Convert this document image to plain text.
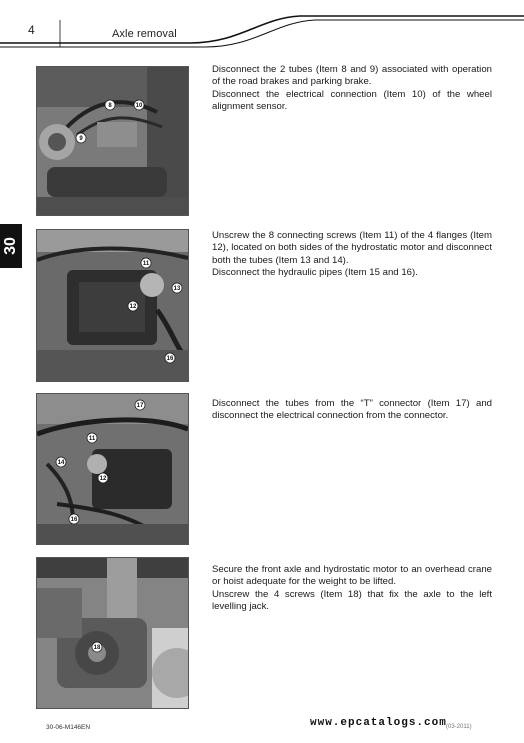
4	Axle removal
30
8	10
9

Disconnect the 2 tubes (Item 8 and 9) associated with operation of the road brakes and parking brake.

Disconnect the electrical connection (Item 10) of the wheel alignment sensor.

11
13
12
16

Unscrew the 8 connecting screws (Item 11) of the 4 flanges (Item 12), located on both sides of the hydrostatic motor and disconnect both the tubes (Item 13 and 14).

Disconnect the hydraulic pipes (Item 15 and 16).

17
11
14
12
16

Disconnect the tubes from the “T” connector (Item 17) and disconnect the electrical connection from the connector.

18

Secure the front axle and hydrostatic motor to an overhead crane or hoist adequate for the weight to be lifted.

Unscrew the 4 screws (Item 18) that fix the axle to the left levelling jack.

30-06-M146EN	(03-2011)
www.epcatalogs.com
